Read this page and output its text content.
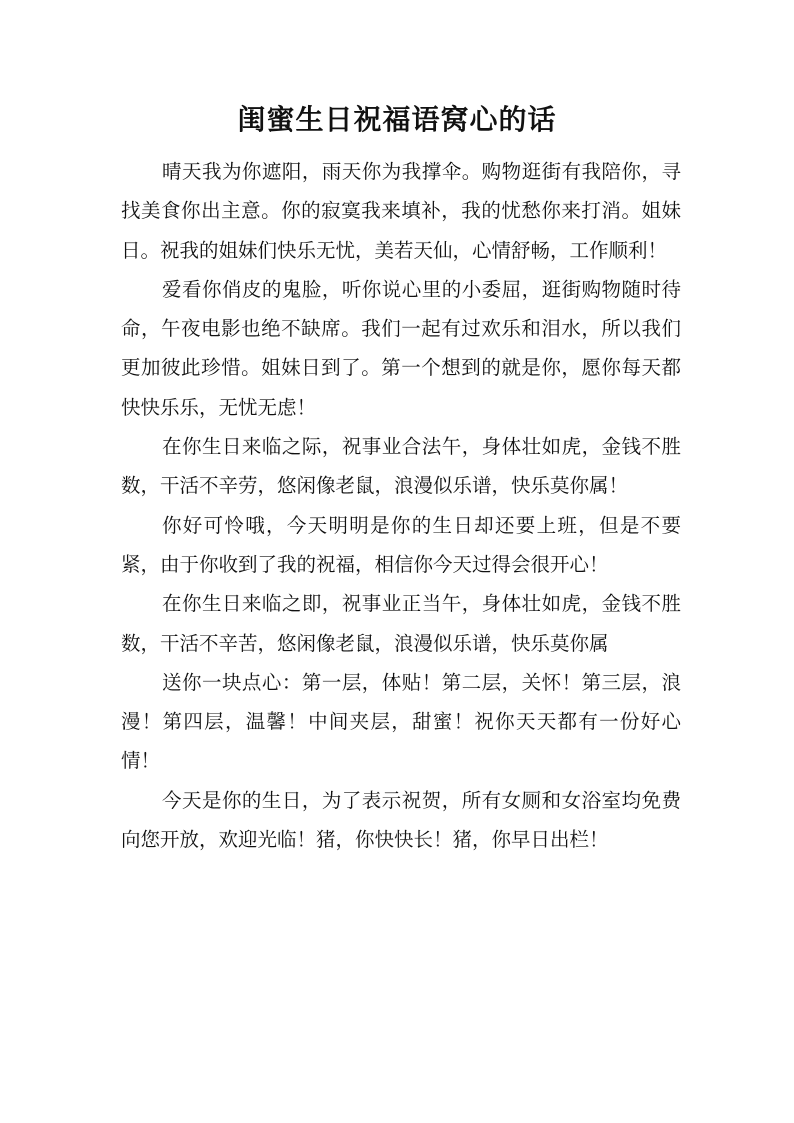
闺蜜生日祝福语窝心的话

晴天我为你遮阳，雨天你为我撑伞。购物逛街有我陪你，寻找美食你出主意。你的寂寞我来填补，我的忧愁你来打消。姐妹日。祝我的姐妹们快乐无忧，美若天仙，心情舒畅，工作顺利！

爱看你俏皮的鬼脸，听你说心里的小委屈，逛街购物随时待命，午夜电影也绝不缺席。我们一起有过欢乐和泪水，所以我们更加彼此珍惜。姐妹日到了。第一个想到的就是你，愿你每天都快快乐乐，无忧无虑！

在你生日来临之际，祝事业合法午，身体壮如虎，金钱不胜数，干活不辛劳，悠闲像老鼠，浪漫似乐谱，快乐莫你属！

你好可怜哦，今天明明是你的生日却还要上班，但是不要紧，由于你收到了我的祝福，相信你今天过得会很开心！

在你生日来临之即，祝事业正当午，身体壮如虎，金钱不胜数，干活不辛苦，悠闲像老鼠，浪漫似乐谱，快乐莫你属

送你一块点心：第一层，体贴！第二层，关怀！第三层，浪漫！第四层，温馨！中间夹层，甜蜜！祝你天天都有一份好心情！

今天是你的生日，为了表示祝贺，所有女厕和女浴室均免费向您开放，欢迎光临！猪，你快快长！猪，你早日出栏！
